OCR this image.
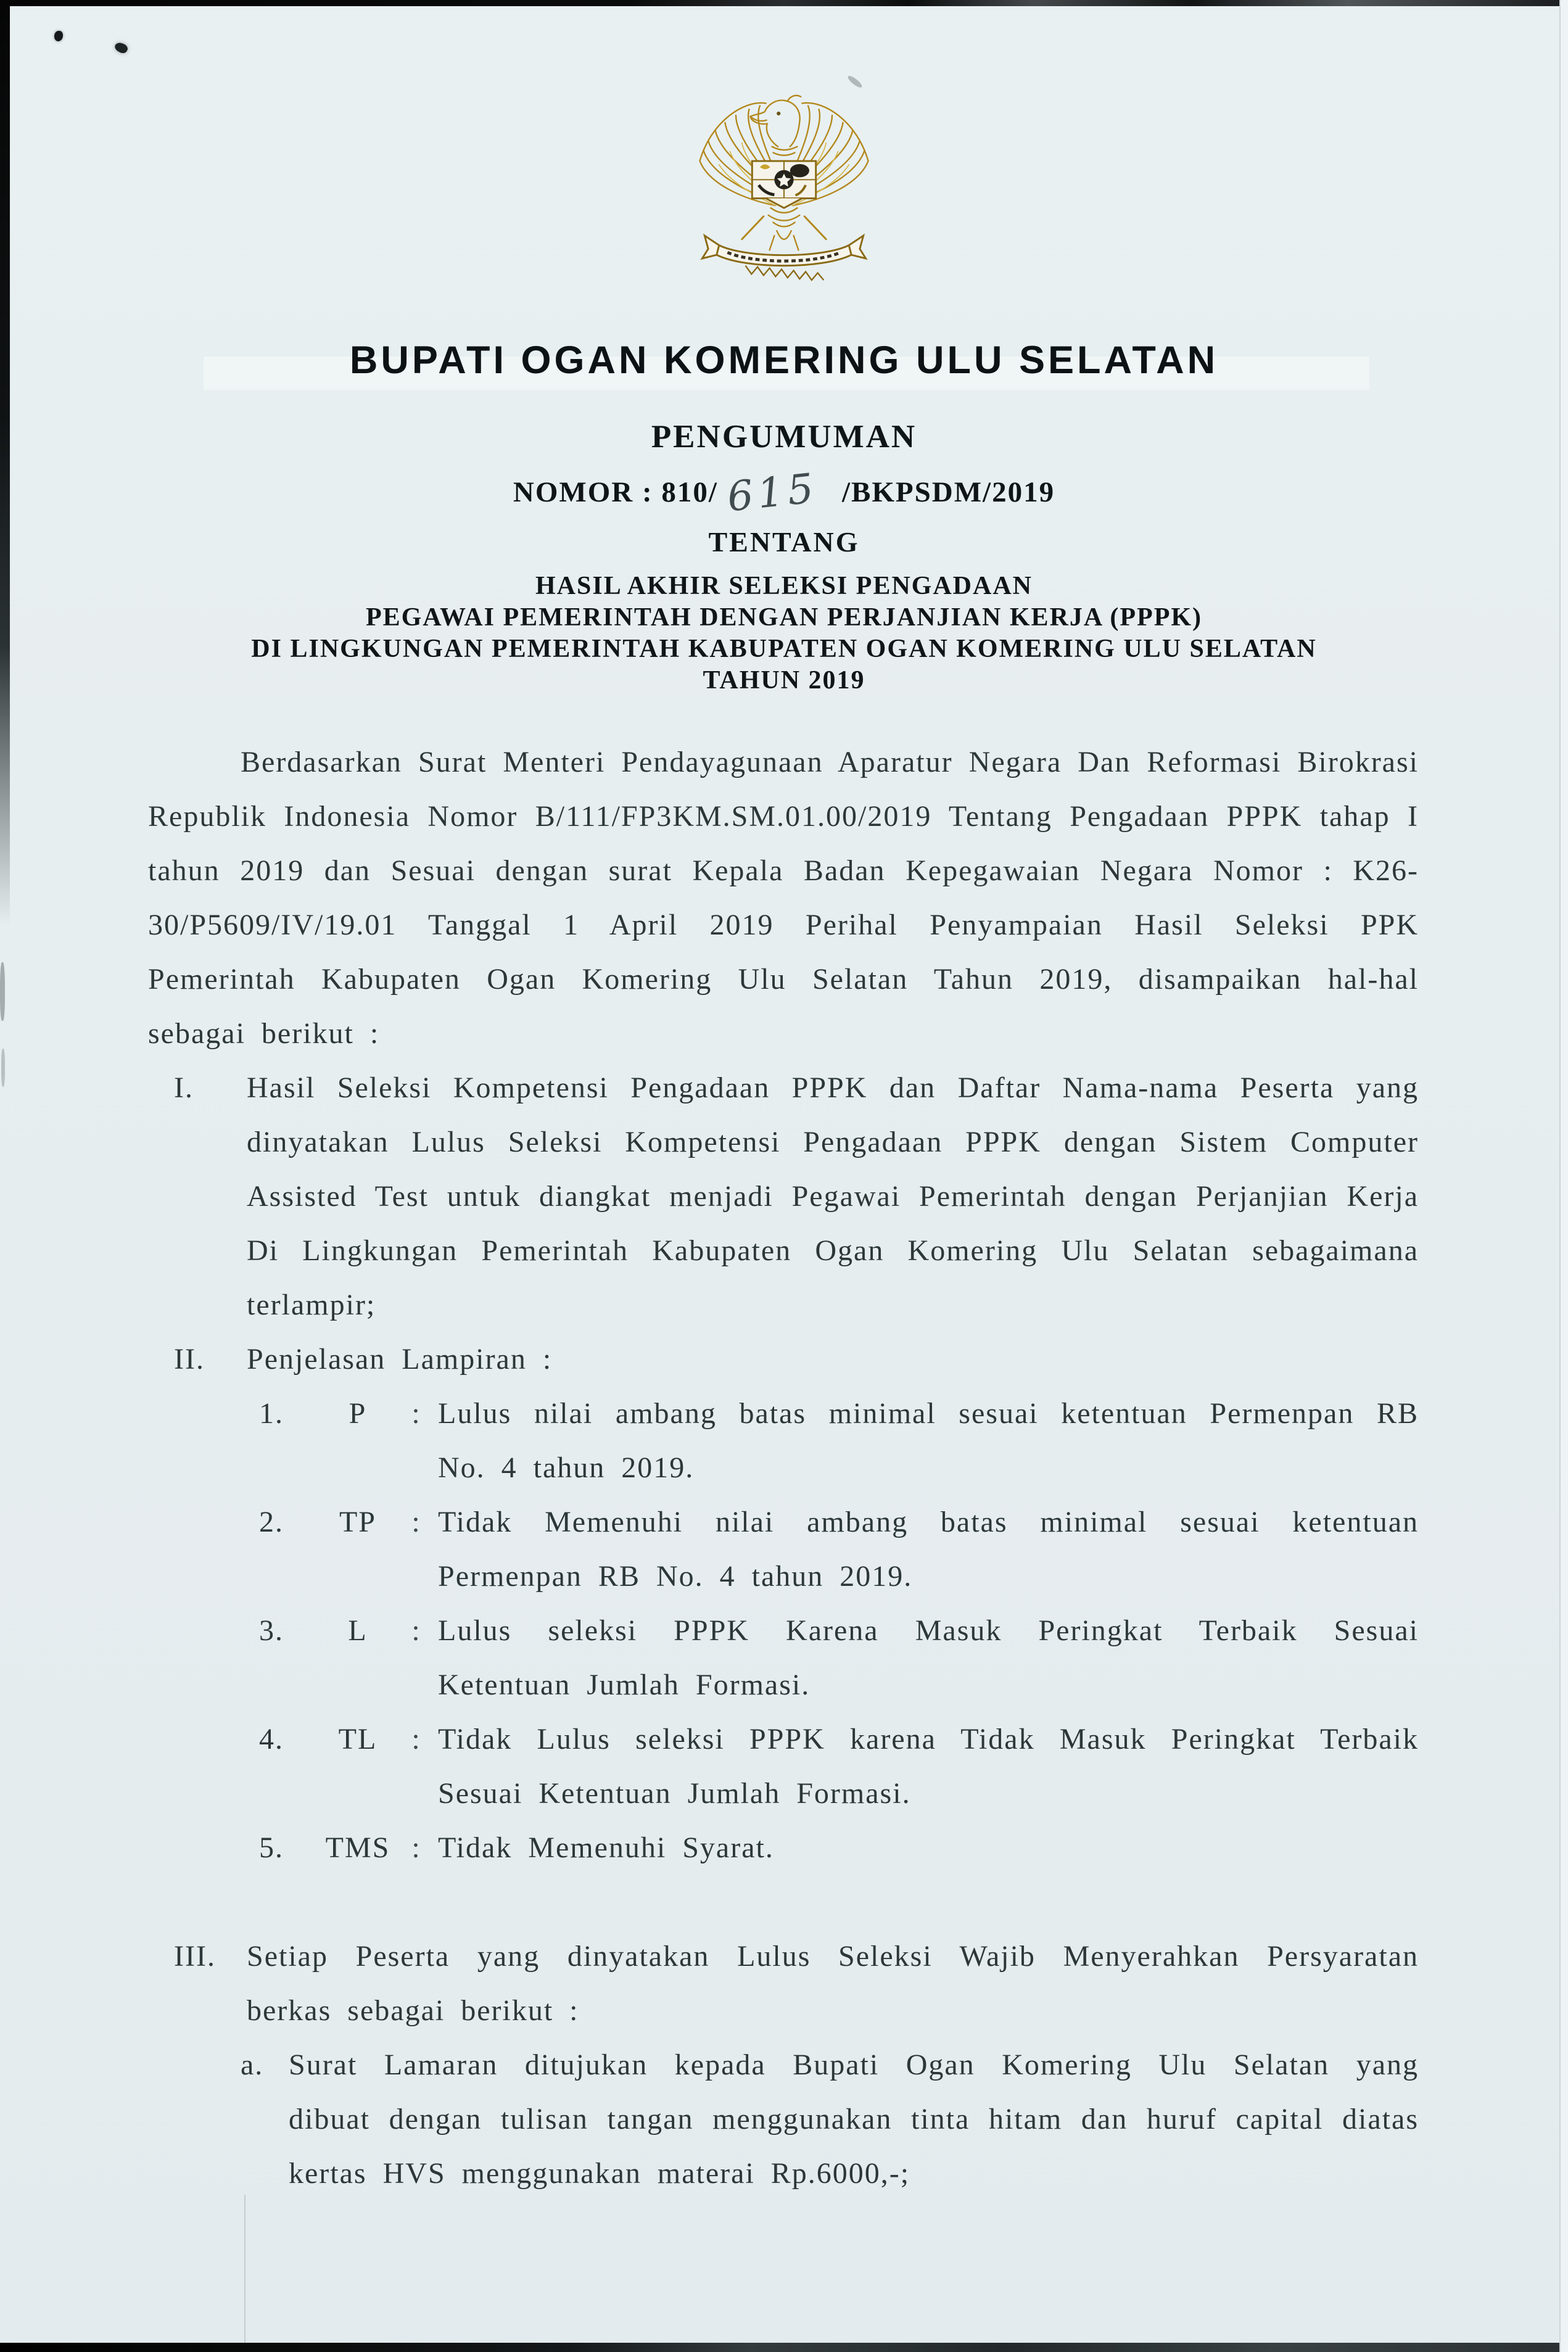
BUPATI OGAN KOMERING ULU SELATAN
PENGUMUMAN
NOMOR : 810/ 615 /BKPSDM/2019
TENTANG
HASIL AKHIR SELEKSI PENGADAAN
PEGAWAI PEMERINTAH DENGAN PERJANJIAN KERJA (PPPK)
DI LINGKUNGAN PEMERINTAH KABUPATEN OGAN KOMERING ULU SELATAN
TAHUN 2019

Berdasarkan Surat Menteri Pendayagunaan Aparatur Negara Dan Reformasi Birokrasi Republik Indonesia Nomor B/111/FP3KM.SM.01.00/2019 Tentang Pengadaan PPPK tahap I tahun 2019 dan Sesuai dengan surat Kepala Badan Kepegawaian Negara Nomor : K26-30/P5609/IV/19.01 Tanggal 1 April 2019 Perihal Penyampaian Hasil Seleksi PPK Pemerintah Kabupaten Ogan Komering Ulu Selatan Tahun 2019, disampaikan hal-hal sebagai berikut :

I.	Hasil Seleksi Kompetensi Pengadaan PPPK dan Daftar Nama-nama Peserta yang dinyatakan Lulus Seleksi Kompetensi Pengadaan PPPK dengan Sistem Computer Assisted Test untuk diangkat menjadi Pegawai Pemerintah dengan Perjanjian Kerja Di Lingkungan Pemerintah Kabupaten Ogan Komering Ulu Selatan sebagaimana terlampir;
II.	Penjelasan Lampiran :
1.	P	: Lulus nilai ambang batas minimal sesuai ketentuan Permenpan RB No. 4 tahun 2019.
2.	TP	: Tidak Memenuhi nilai ambang batas minimal sesuai ketentuan Permenpan RB No. 4 tahun 2019.
3.	L	: Lulus seleksi PPPK Karena Masuk Peringkat Terbaik Sesuai Ketentuan Jumlah Formasi.
4.	TL	: Tidak Lulus seleksi PPPK karena Tidak Masuk Peringkat Terbaik Sesuai Ketentuan Jumlah Formasi.
5.	TMS : Tidak Memenuhi Syarat.
III.	Setiap Peserta yang dinyatakan Lulus Seleksi Wajib Menyerahkan Persyaratan berkas sebagai berikut :
a. Surat Lamaran ditujukan kepada Bupati Ogan Komering Ulu Selatan yang dibuat dengan tulisan tangan menggunakan tinta hitam dan huruf capital diatas kertas HVS menggunakan materai Rp.6000,-;
